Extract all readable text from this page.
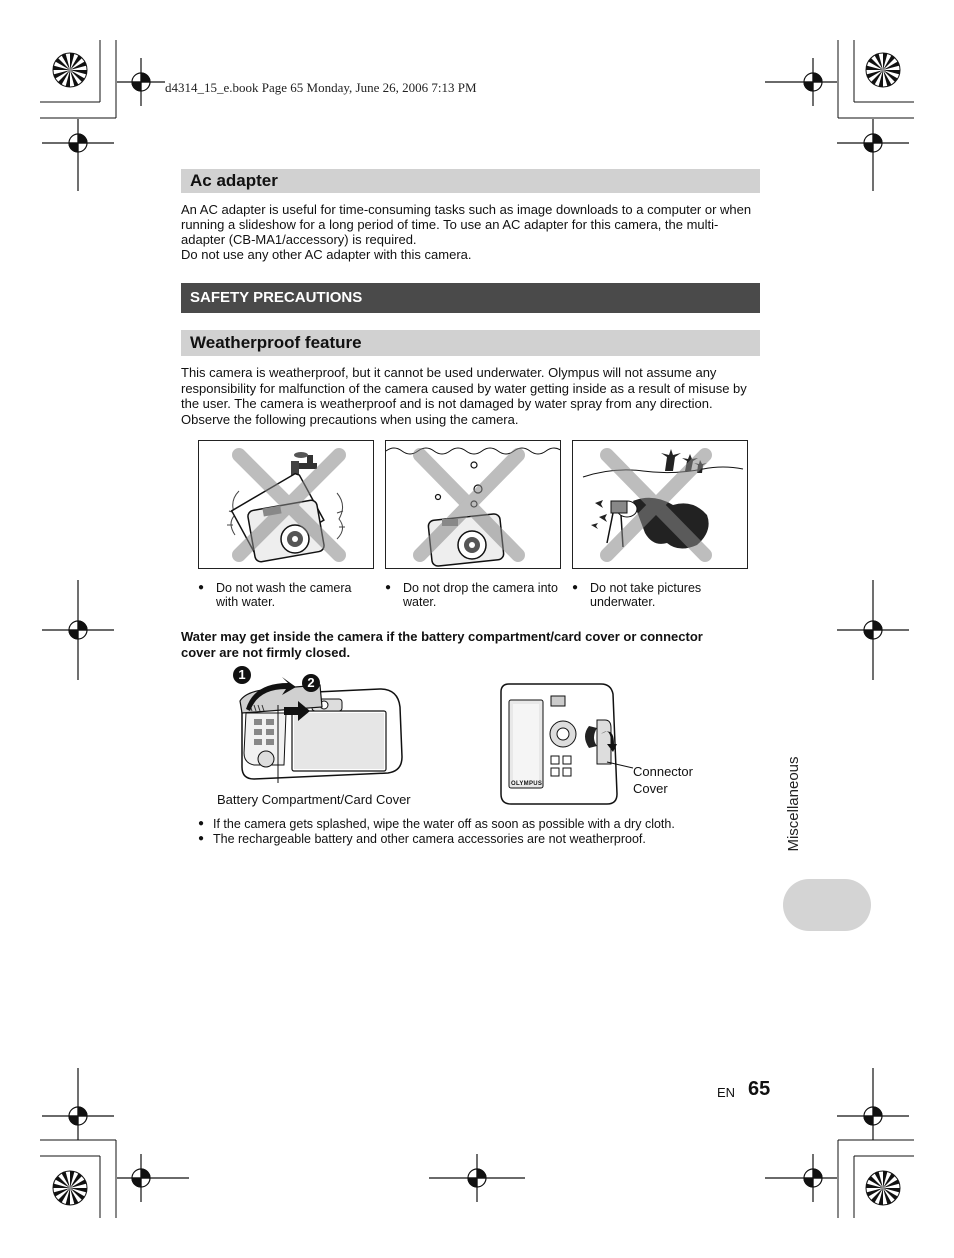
d4314_15_e.book Page 65 Monday, June 26, 2006 7:13 PM
Ac adapter

An AC adapter is useful for time-consuming tasks such as image downloads to a computer or when

running a slideshow for a long period of time. To use an AC adapter for this camera, the multi-

adapter (CB-MA1/accessory) is required.

Do not use any other AC adapter with this camera.

SAFETY PRECAUTIONS
Weatherproof feature

This camera is weatherproof, but it cannot be used underwater. Olympus will not assume any

responsibility for malfunction of the camera caused by water getting inside as a result of misuse by

the user. The camera is weatherproof and is not damaged by water spray from any direction.

Observe the following precautions when using the camera.

● Do not wash the camera with water.
● Do not drop the camera into water.
● Do not take pictures underwater.
Water may get inside the camera if the battery compartment/card cover or connector
cover are not firmly closed.
1
2
Battery Compartment/Card Cover
OLYMPUS
Connector
Cover
● If the camera gets splashed, wipe the water off as soon as possible with a dry cloth.
● The rechargeable battery and other camera accessories are not weatherproof.	Miscellaneous
EN 65
